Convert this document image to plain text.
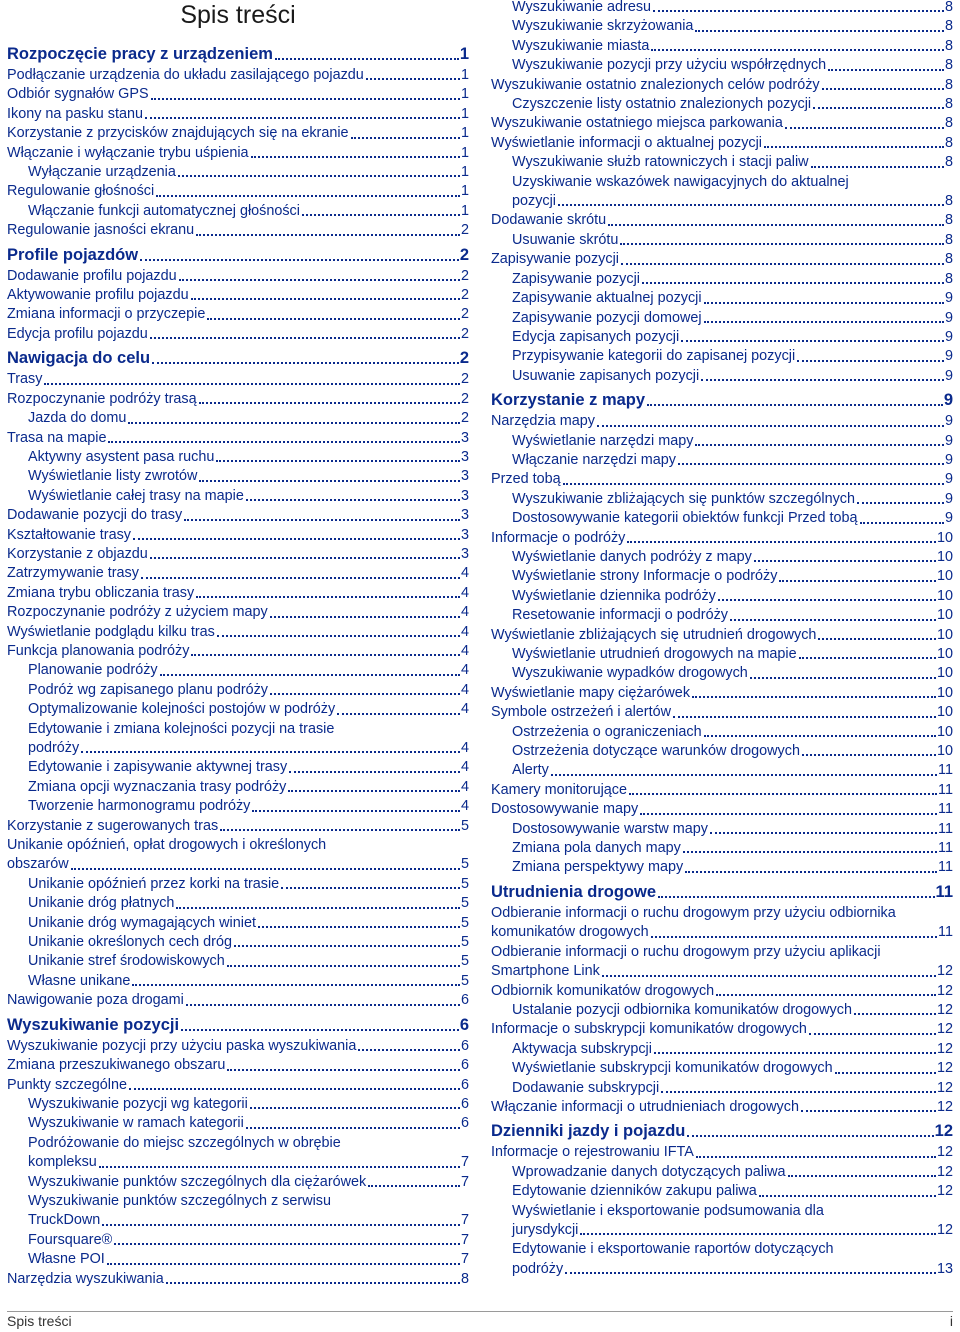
Spis treści
Rozpoczęcie pracy z urządzeniem	1
Podłączanie urządzenia do układu zasilającego pojazdu	1
Odbiór sygnałów GPS	1
Ikony na pasku stanu	1
Korzystanie z przycisków znajdujących się na ekranie	1
Włączanie i wyłączanie trybu uśpienia	1
Wyłączanie urządzenia	1
Regulowanie głośności	1
Włączanie funkcji automatycznej głośności	1
Regulowanie jasności ekranu	2
Profile pojazdów	2
Dodawanie profilu pojazdu	2
Aktywowanie profilu pojazdu	2
Zmiana informacji o przyczepie	2
Edycja profilu pojazdu	2
Nawigacja do celu	2
Trasy	2
Rozpoczynanie podróży trasą	2
Jazda do domu	2
Trasa na mapie	3
Aktywny asystent pasa ruchu	3
Wyświetlanie listy zwrotów	3
Wyświetlanie całej trasy na mapie	3
Dodawanie pozycji do trasy	3
Kształtowanie trasy	3
Korzystanie z objazdu	3
Zatrzymywanie trasy	4
Zmiana trybu obliczania trasy	4
Rozpoczynanie podróży z użyciem mapy	4
Wyświetlanie podglądu kilku tras	4
Funkcja planowania podróży	4
Planowanie podróży	4
Podróż wg zapisanego planu podróży	4
Optymalizowanie kolejności postojów w podróży	4
Edytowanie i zmiana kolejności pozycji na trasie
podróży	4
Edytowanie i zapisywanie aktywnej trasy	4
Zmiana opcji wyznaczania trasy podróży	4
Tworzenie harmonogramu podróży	4
Korzystanie z sugerowanych tras	5
Unikanie opóźnień, opłat drogowych i określonych
obszarów	5
Unikanie opóźnień przez korki na trasie	5
Unikanie dróg płatnych	5
Unikanie dróg wymagających winiet	5
Unikanie określonych cech dróg	5
Unikanie stref środowiskowych	5
Własne unikane	5
Nawigowanie poza drogami	6
Wyszukiwanie pozycji	6
Wyszukiwanie pozycji przy użyciu paska wyszukiwania	6
Zmiana przeszukiwanego obszaru	6
Punkty szczególne	6
Wyszukiwanie pozycji wg kategorii	6
Wyszukiwanie w ramach kategorii	6
Podróżowanie do miejsc szczególnych w obrębie
kompleksu	7
Wyszukiwanie punktów szczególnych dla ciężarówek	7
Wyszukiwanie punktów szczególnych z serwisu
TruckDown	7
Foursquare®	7
Własne POI	7
Narzędzia wyszukiwania	8
Wyszukiwanie adresu	8
Wyszukiwanie skrzyżowania	8
Wyszukiwanie miasta	8
Wyszukiwanie pozycji przy użyciu współrzędnych	8
Wyszukiwanie ostatnio znalezionych celów podróży	8
Czyszczenie listy ostatnio znalezionych pozycji	8
Wyszukiwanie ostatniego miejsca parkowania	8
Wyświetlanie informacji o aktualnej pozycji	8
Wyszukiwanie służb ratowniczych i stacji paliw	8
Uzyskiwanie wskazówek nawigacyjnych do aktualnej
pozycji	8
Dodawanie skrótu	8
Usuwanie skrótu	8
Zapisywanie pozycji	8
Zapisywanie pozycji	8
Zapisywanie aktualnej pozycji	9
Zapisywanie pozycji domowej	9
Edycja zapisanych pozycji	9
Przypisywanie kategorii do zapisanej pozycji	9
Usuwanie zapisanych pozycji	9
Korzystanie z mapy	9
Narzędzia mapy	9
Wyświetlanie narzędzi mapy	9
Włączanie narzędzi mapy	9
Przed tobą	9
Wyszukiwanie zbliżających się punktów szczególnych	9
Dostosowywanie kategorii obiektów funkcji Przed tobą	9
Informacje o podróży	10
Wyświetlanie danych podróży z mapy	10
Wyświetlanie strony Informacje o podróży	10
Wyświetlanie dziennika podróży	10
Resetowanie informacji o podróży	10
Wyświetlanie zbliżających się utrudnień drogowych	10
Wyświetlanie utrudnień drogowych na mapie	10
Wyszukiwanie wypadków drogowych	10
Wyświetlanie mapy ciężarówek	10
Symbole ostrzeżeń i alertów	10
Ostrzeżenia o ograniczeniach	10
Ostrzeżenia dotyczące warunków drogowych	10
Alerty	11
Kamery monitorujące	11
Dostosowywanie mapy	11
Dostosowywanie warstw mapy	11
Zmiana pola danych mapy	11
Zmiana perspektywy mapy	11
Utrudnienia drogowe	11
Odbieranie informacji o ruchu drogowym przy użyciu odbiornika
komunikatów drogowych	11
Odbieranie informacji o ruchu drogowym przy użyciu aplikacji
Smartphone Link	12
Odbiornik komunikatów drogowych	12
Ustalanie pozycji odbiornika komunikatów drogowych	12
Informacje o subskrypcji komunikatów drogowych	12
Aktywacja subskrypcji	12
Wyświetlanie subskrypcji komunikatów drogowych	12
Dodawanie subskrypcji	12
Włączanie informacji o utrudnieniach drogowych	12
Dzienniki jazdy i pojazdu	12
Informacje o rejestrowaniu IFTA	12
Wprowadzanie danych dotyczących paliwa	12
Edytowanie dzienników zakupu paliwa	12
Wyświetlanie i eksportowanie podsumowania dla
jurysdykcji	12
Edytowanie i eksportowanie raportów dotyczących
podróży	13
Spis treści	i
